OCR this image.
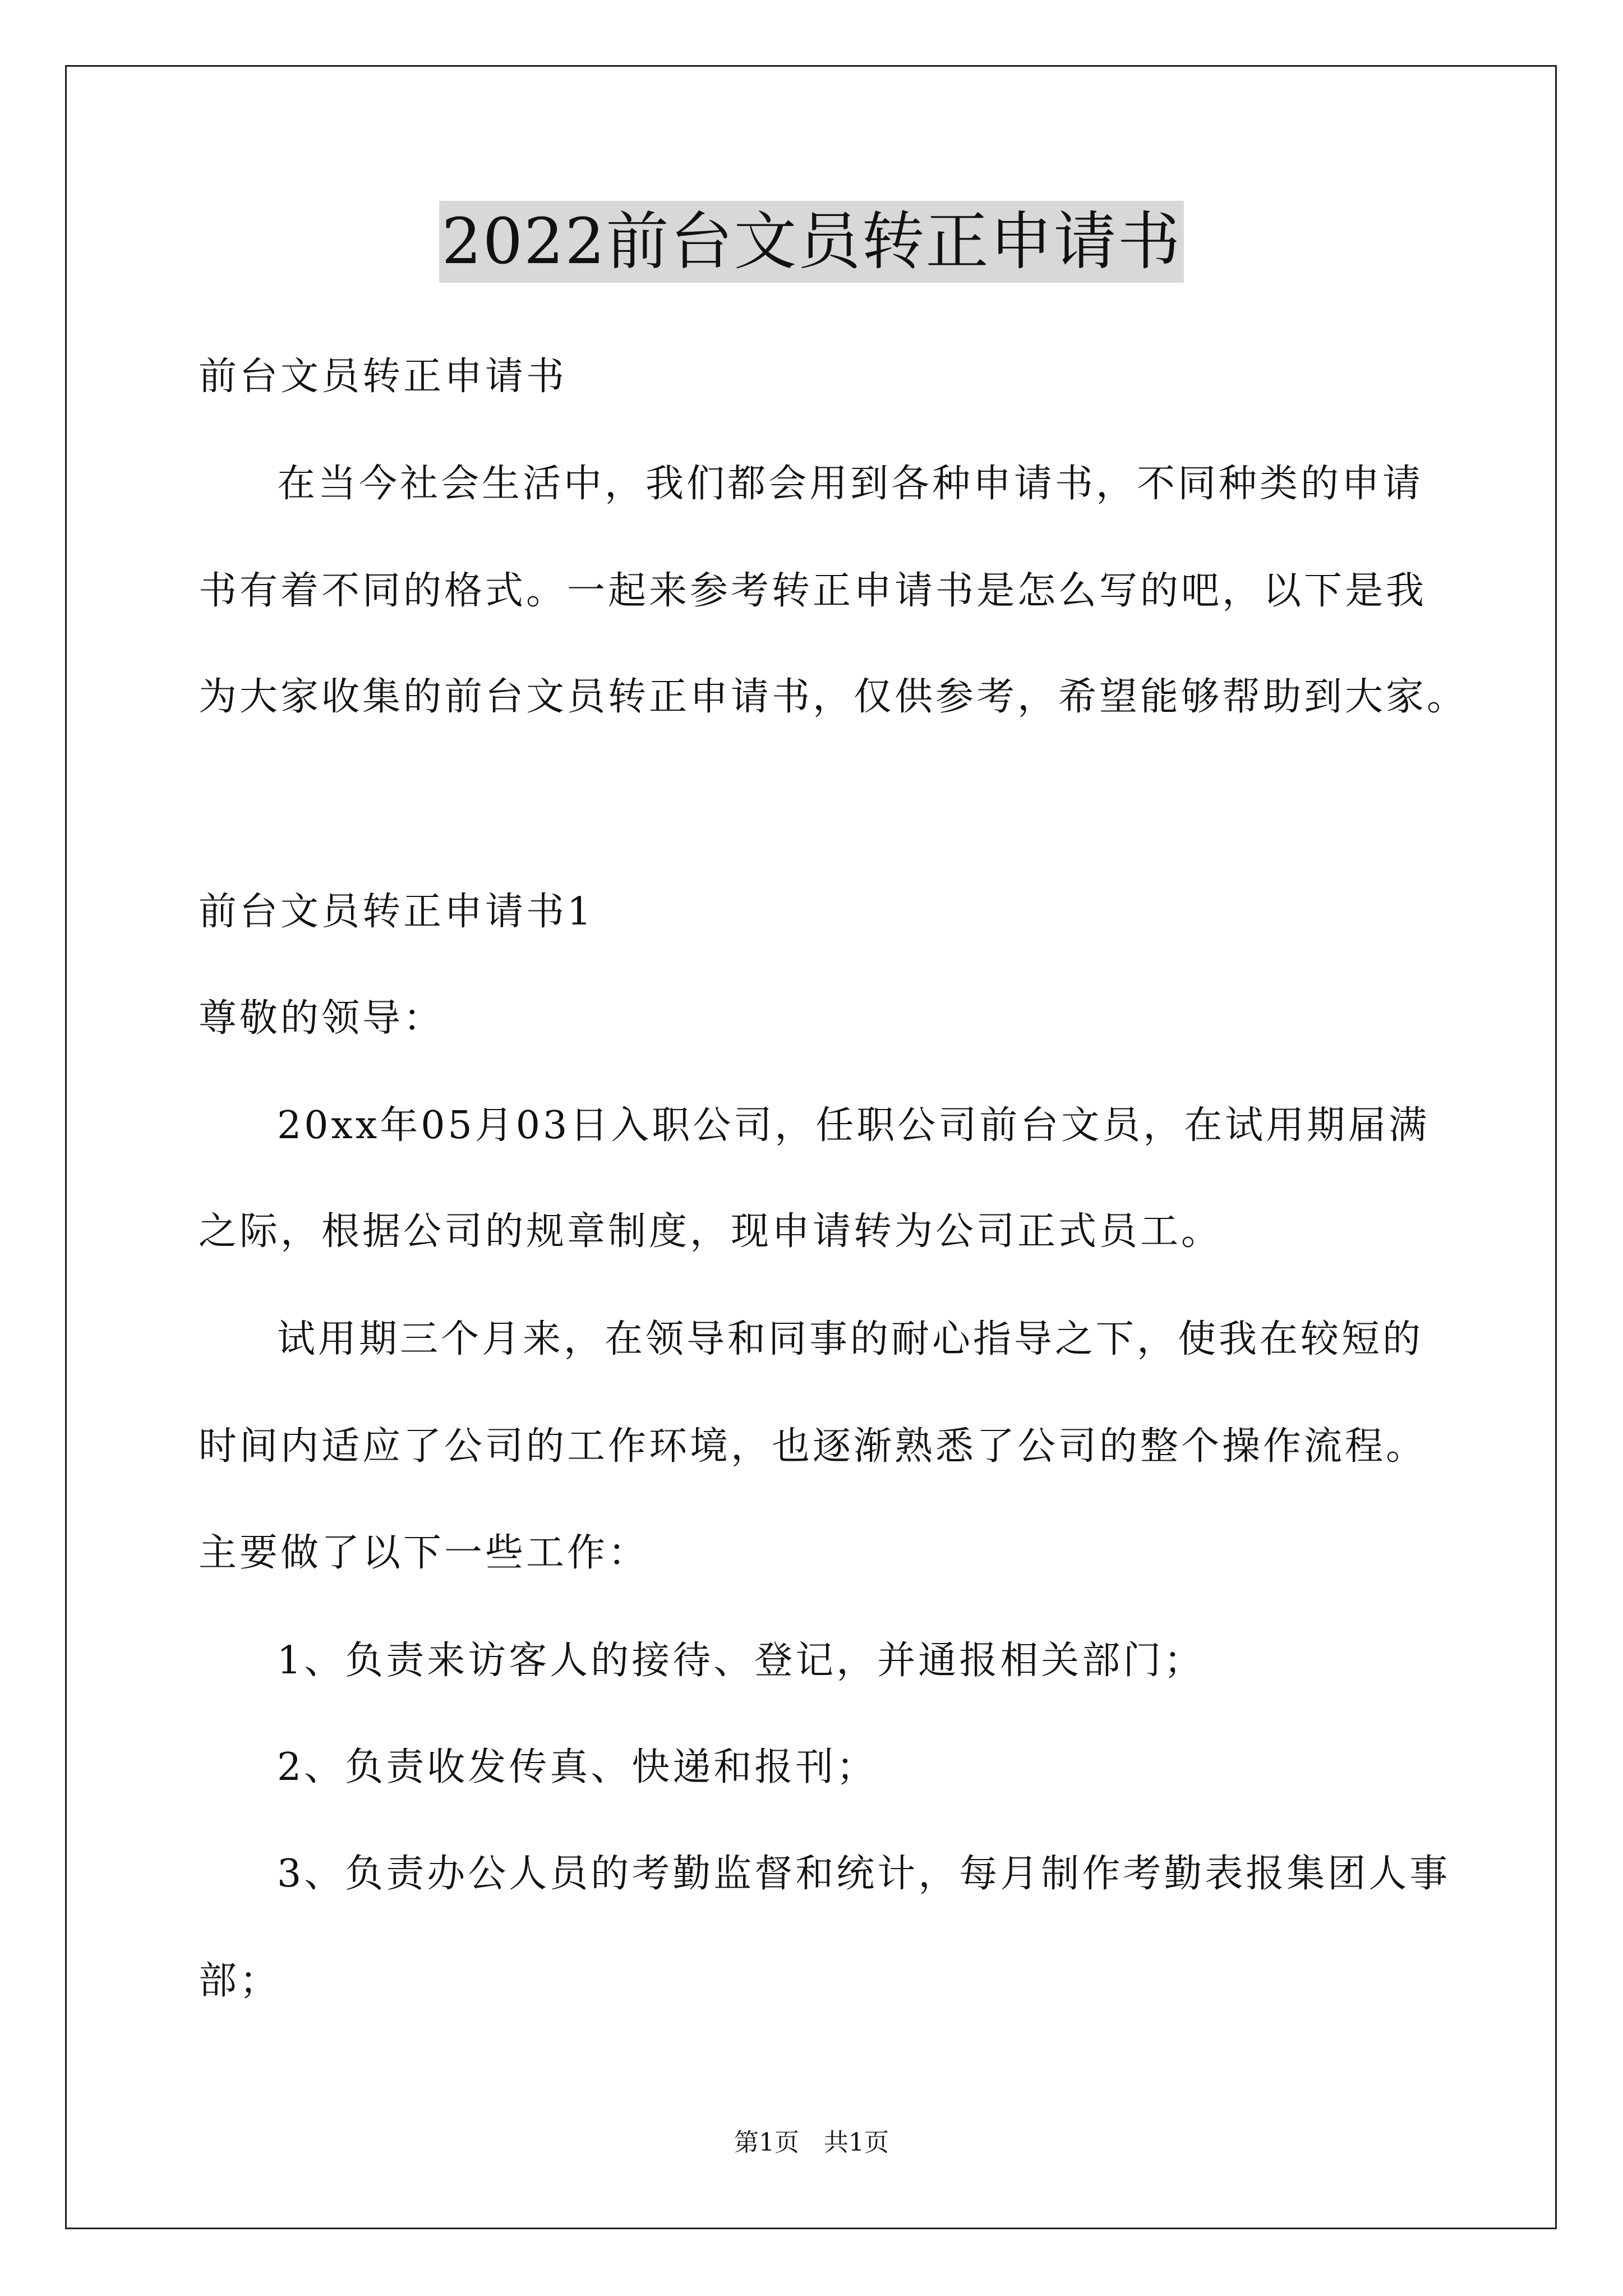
2022前台文员转正申请书
前台文员转正申请书
在当今社会生活中，我们都会用到各种申请书，不同种类的申请
书有着不同的格式。一起来参考转正申请书是怎么写的吧，以下是我
为大家收集的前台文员转正申请书，仅供参考，希望能够帮助到大家。
前台文员转正申请书1
尊敬的领导：
20xx年05月03日入职公司，任职公司前台文员，在试用期届满
之际，根据公司的规章制度，现申请转为公司正式员工。
试用期三个月来，在领导和同事的耐心指导之下，使我在较短的
时间内适应了公司的工作环境，也逐渐熟悉了公司的整个操作流程。
主要做了以下一些工作：
1、负责来访客人的接待、登记，并通报相关部门；
2、负责收发传真、快递和报刊；
3、负责办公人员的考勤监督和统计，每月制作考勤表报集团人事
部；
第1页 共1页
